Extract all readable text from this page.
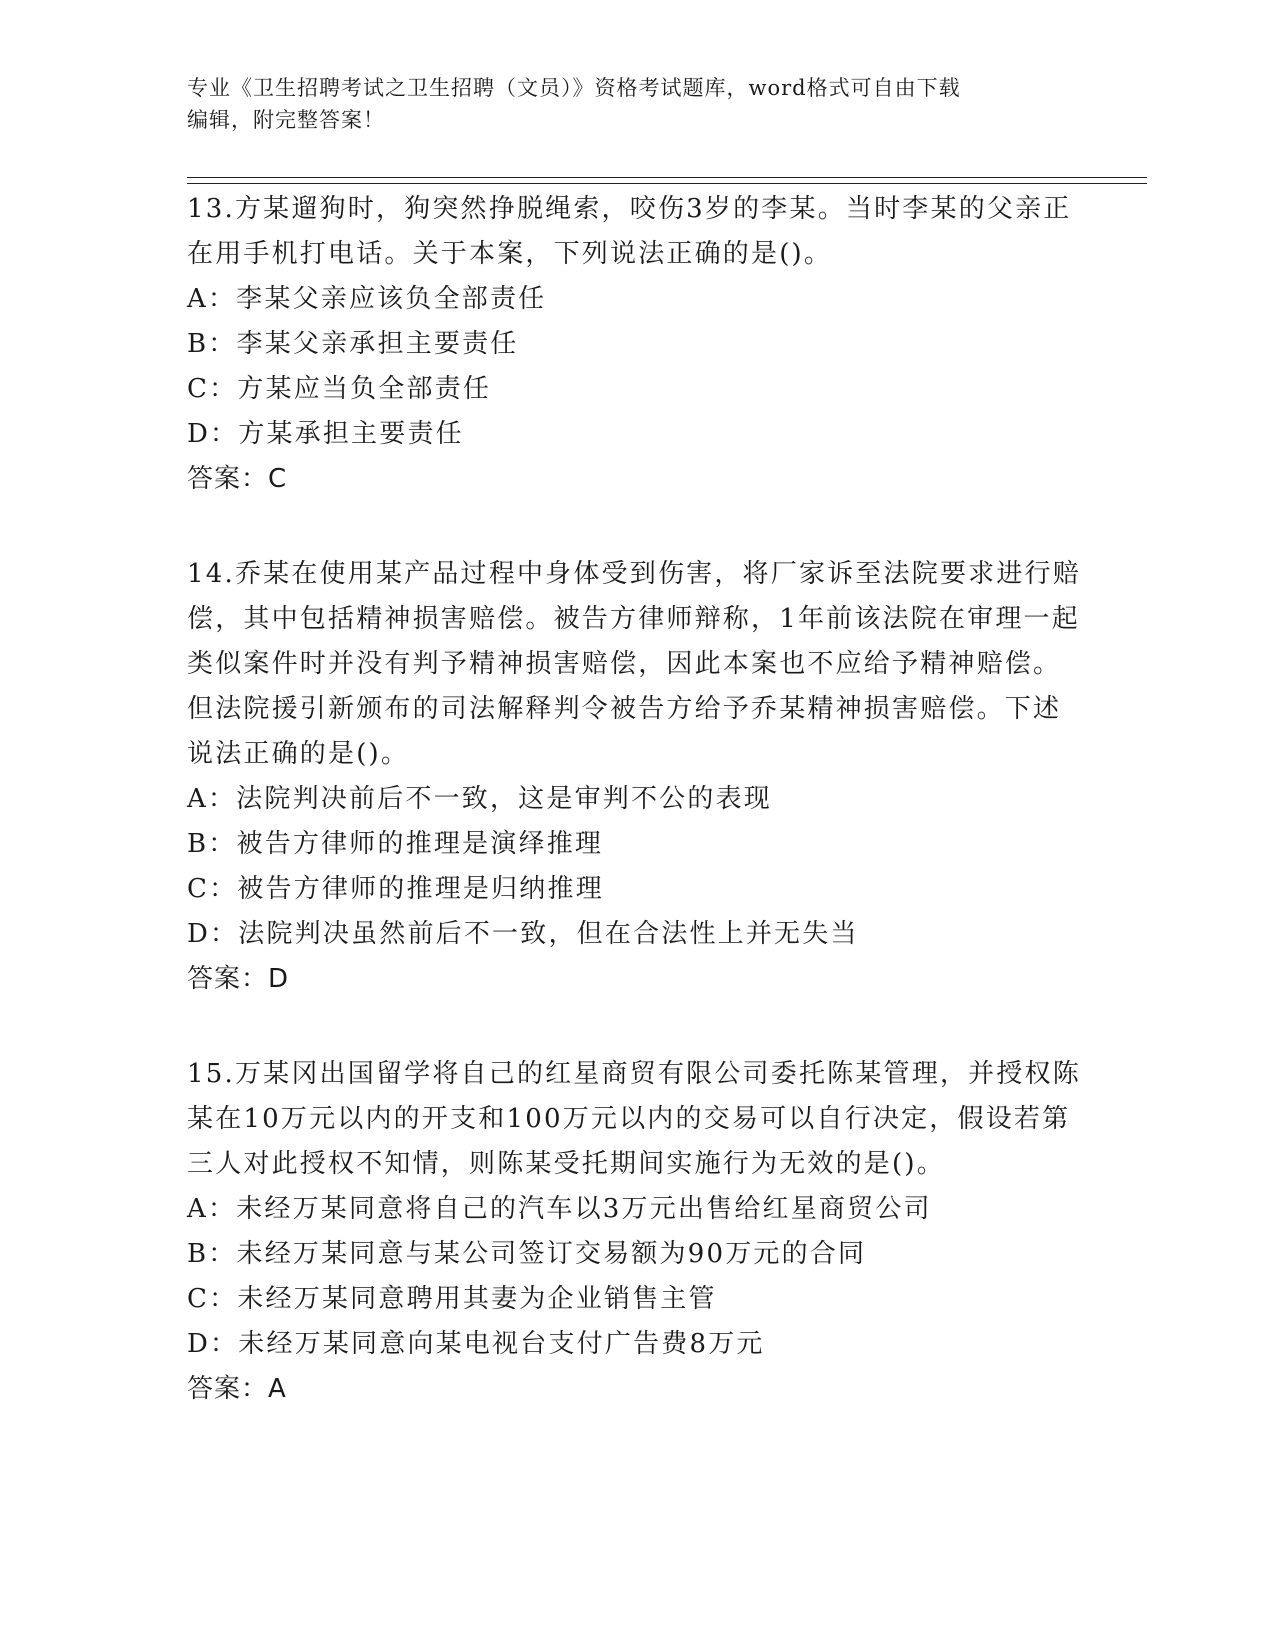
专业《卫生招聘考试之卫生招聘（文员）》资格考试题库，word格式可自由下载
编辑，附完整答案！

13.方某遛狗时，狗突然挣脱绳索，咬伤3岁的李某。当时李某的父亲正在用手机打电话。关于本案，下列说法正确的是()。

A：李某父亲应该负全部责任

B：李某父亲承担主要责任

C：方某应当负全部责任

D：方某承担主要责任

答案：C

14.乔某在使用某产品过程中身体受到伤害，将厂家诉至法院要求进行赔偿，其中包括精神损害赔偿。被告方律师辩称，1年前该法院在审理一起类似案件时并没有判予精神损害赔偿，因此本案也不应给予精神赔偿。但法院援引新颁布的司法解释判令被告方给予乔某精神损害赔偿。下述说法正确的是()。

A：法院判决前后不一致，这是审判不公的表现

B：被告方律师的推理是演绎推理

C：被告方律师的推理是归纳推理

D：法院判决虽然前后不一致，但在合法性上并无失当

答案：D

15.万某冈出国留学将自己的红星商贸有限公司委托陈某管理，并授权陈某在10万元以内的开支和100万元以内的交易可以自行决定，假设若第三人对此授权不知情，则陈某受托期间实施行为无效的是()。

A：未经万某同意将自己的汽车以3万元出售给红星商贸公司

B：未经万某同意与某公司签订交易额为90万元的合同

C：未经万某同意聘用其妻为企业销售主管

D：未经万某同意向某电视台支付广告费8万元

答案：A
